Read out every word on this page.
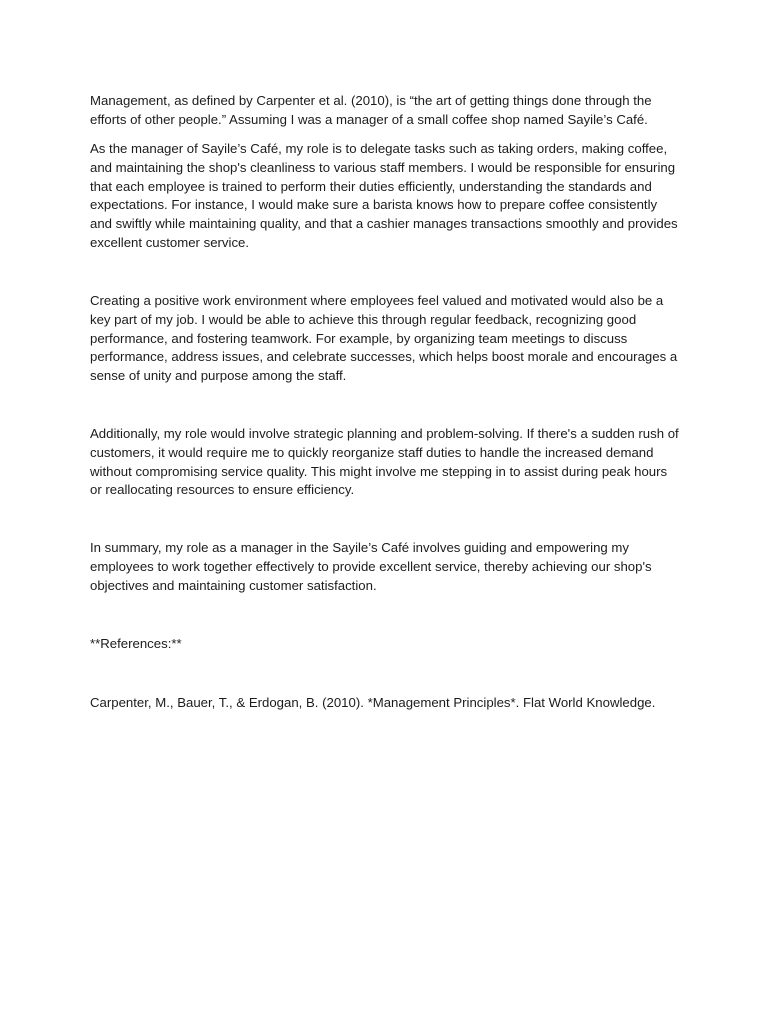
Management, as defined by Carpenter et al. (2010), is “the art of getting things done through the efforts of other people.” Assuming I was a manager of a small coffee shop named Sayile’s Café.

As the manager of Sayile’s Café, my role is to delegate tasks such as taking orders, making coffee, and maintaining the shop's cleanliness to various staff members. I would be responsible for ensuring that each employee is trained to perform their duties efficiently, understanding the standards and expectations. For instance, I would make sure a barista knows how to prepare coffee consistently and swiftly while maintaining quality, and that a cashier manages transactions smoothly and provides excellent customer service.

Creating a positive work environment where employees feel valued and motivated would also be a key part of my job. I would be able to achieve this through regular feedback, recognizing good performance, and fostering teamwork. For example, by organizing team meetings to discuss performance, address issues, and celebrate successes, which helps boost morale and encourages a sense of unity and purpose among the staff.

Additionally, my role would involve strategic planning and problem-solving. If there's a sudden rush of customers, it would require me to quickly reorganize staff duties to handle the increased demand without compromising service quality. This might involve me stepping in to assist during peak hours or reallocating resources to ensure efficiency.

In summary, my role as a manager in the Sayile’s Café involves guiding and empowering my employees to work together effectively to provide excellent service, thereby achieving our shop's objectives and maintaining customer satisfaction.

**References:**

Carpenter, M., Bauer, T., & Erdogan, B. (2010). *Management Principles*. Flat World Knowledge.
